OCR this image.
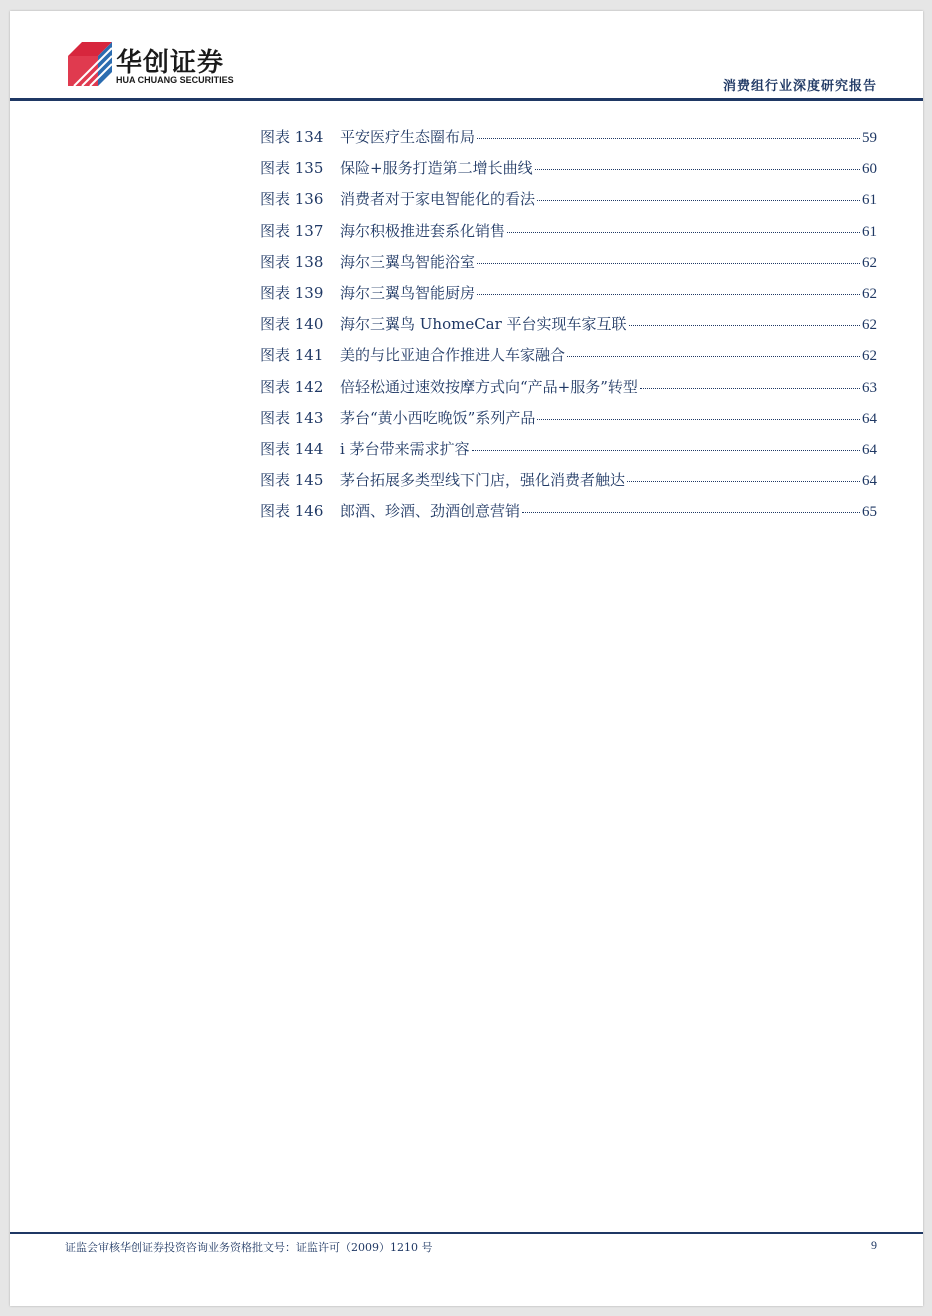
华创证券
HUA CHUANG SECURITIES	消费组行业深度研究报告
图表 134	平安医疗生态圈布局	59
图表 135	保险+服务打造第二增长曲线	60
图表 136	消费者对于家电智能化的看法	61
图表 137	海尔积极推进套系化销售	61
图表 138	海尔三翼鸟智能浴室	62
图表 139	海尔三翼鸟智能厨房	62
图表 140	海尔三翼鸟 UhomeCar 平台实现车家互联	62
图表 141	美的与比亚迪合作推进人车家融合	62
图表 142	倍轻松通过速效按摩方式向“产品+服务”转型	63
图表 143	茅台“黄小西吃晚饭”系列产品	64
图表 144	i 茅台带来需求扩容	64
图表 145	茅台拓展多类型线下门店，强化消费者触达	64
图表 146	郎酒、珍酒、劲酒创意营销	65
证监会审核华创证券投资咨询业务资格批文号：证监许可（2009）1210 号	9
